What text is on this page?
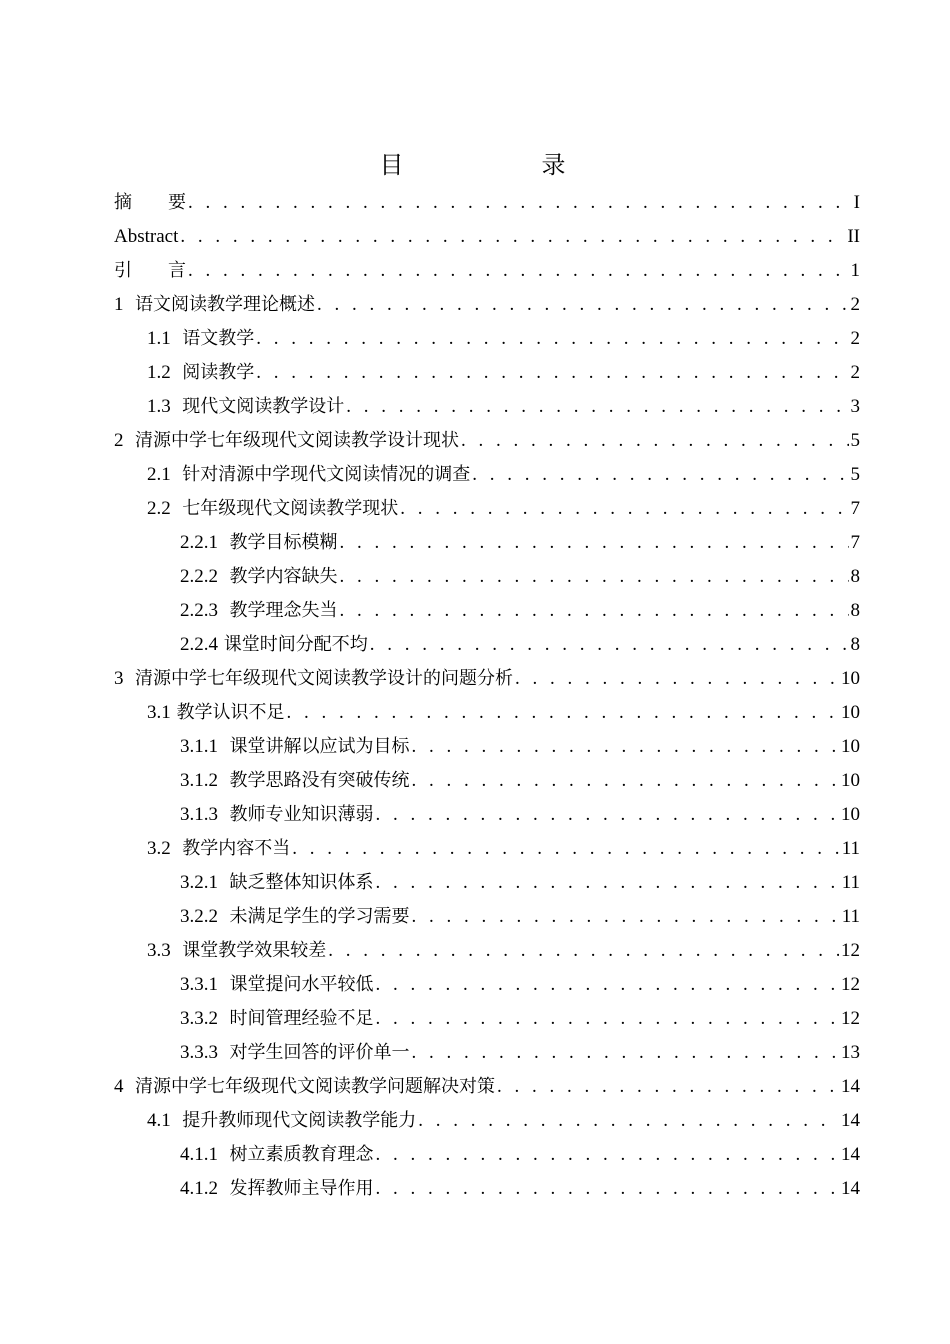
目　　录
摘　　要 . . .	I
Abstract . . .	II
引　　言 . . .	1
1 语文阅读教学理论概述 . . .	2
1.1 语文教学 . . .	2
1.2 阅读教学 . . .	2
1.3 现代文阅读教学设计 . . .	3
2 清源中学七年级现代文阅读教学设计现状 . . .	5
2.1 针对清源中学现代文阅读情况的调查 . . .	5
2.2 七年级现代文阅读教学现状 . . .	7
2.2.1 教学目标模糊 . . .	7
2.2.2 教学内容缺失 . . .	8
2.2.3 教学理念失当 . . .	8
2.2.4 课堂时间分配不均 . . .	8
3 清源中学七年级现代文阅读教学设计的问题分析 . . .	10
3.1 教学认识不足 . . .	10
3.1.1 课堂讲解以应试为目标 . . .	10
3.1.2 教学思路没有突破传统 . . .	10
3.1.3 教师专业知识薄弱 . . .	10
3.2 教学内容不当 . . .	11
3.2.1 缺乏整体知识体系 . . .	11
3.2.2 未满足学生的学习需要 . . .	11
3.3 课堂教学效果较差 . . .	12
3.3.1 课堂提问水平较低 . . .	12
3.3.2 时间管理经验不足 . . .	12
3.3.3 对学生回答的评价单一 . . .	13
4 清源中学七年级现代文阅读教学问题解决对策 . . .	14
4.1 提升教师现代文阅读教学能力 . . .	14
4.1.1 树立素质教育理念 . . .	14
4.1.2 发挥教师主导作用 . . .	14
